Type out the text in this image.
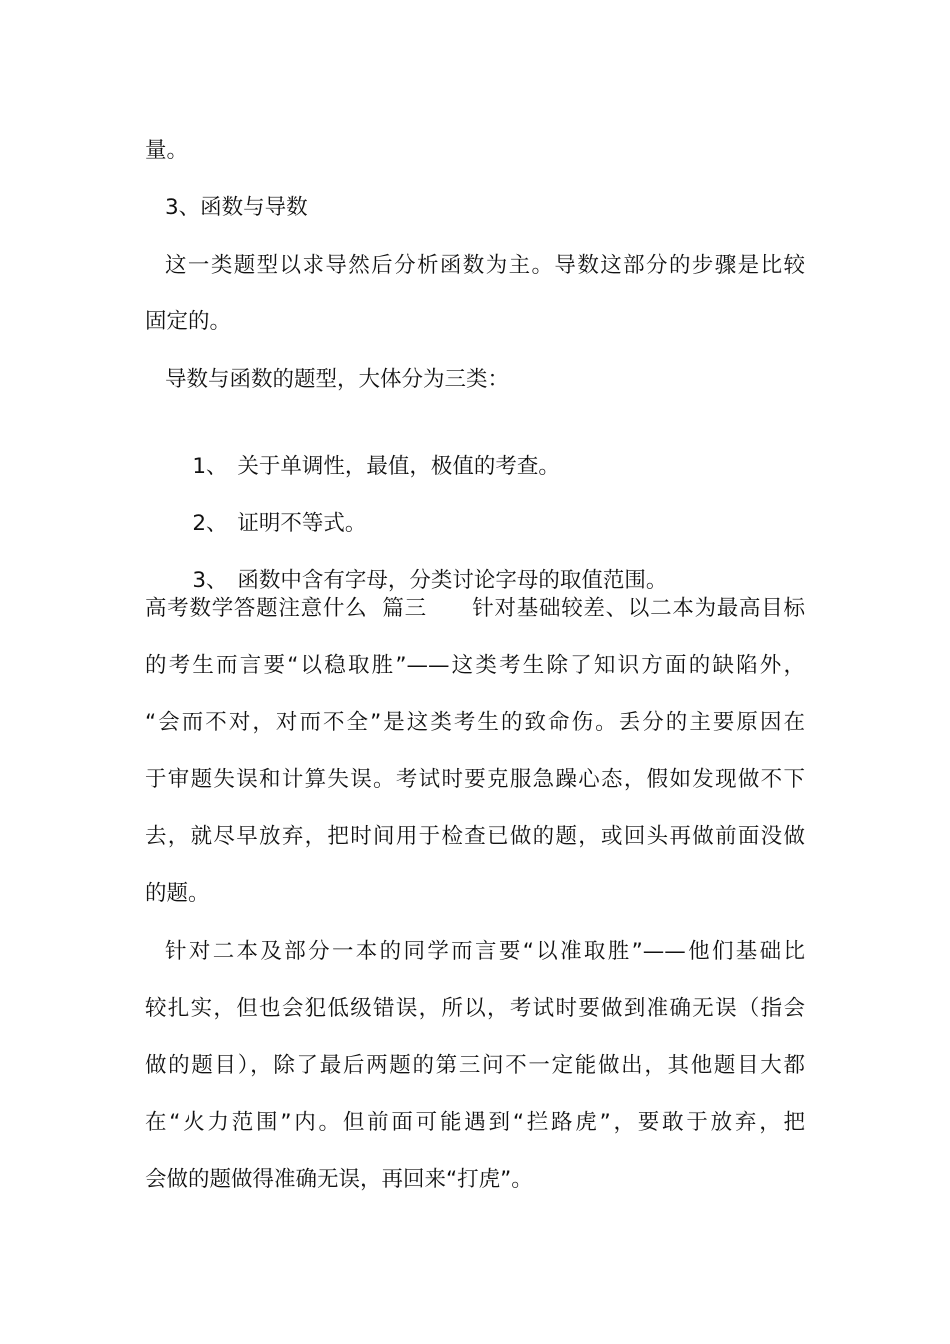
量。
3、函数与导数
这一类题型以求导然后分析函数为主。导数这部分的步骤是比较
固定的。
导数与函数的题型，大体分为三类：

1、 关于单调性，最值，极值的考查。

2、 证明不等式。

3、 函数中含有字母，分类讨论字母的取值范围。

高考数学答题注意什么  篇三      针对基础较差、以二本为最高目标
的考生而言要“以稳取胜”——这类考生除了知识方面的缺陷外，
“会而不对，对而不全”是这类考生的致命伤。丢分的主要原因在
于审题失误和计算失误。考试时要克服急躁心态，假如发现做不下
去，就尽早放弃，把时间用于检查已做的题，或回头再做前面没做
的题。
针对二本及部分一本的同学而言要“以准取胜”——他们基础比
较扎实，但也会犯低级错误，所以，考试时要做到准确无误（指会
做的题目），除了最后两题的第三问不一定能做出，其他题目大都
在“火力范围”内。但前面可能遇到“拦路虎”，要敢于放弃，把
会做的题做得准确无误，再回来“打虎”。
